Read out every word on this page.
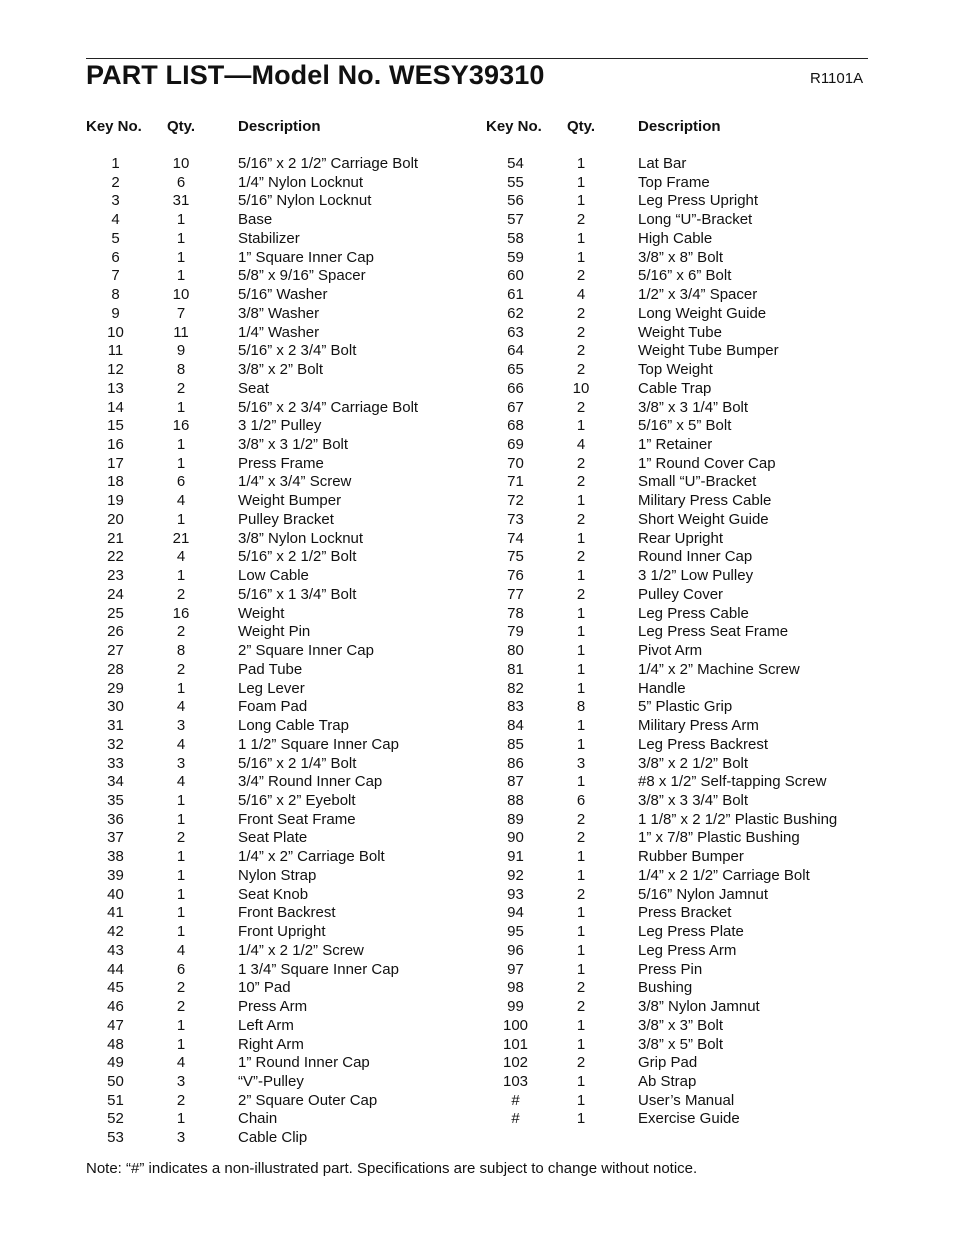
PART LIST—Model No. WESY39310	R1101A
Key No. Qty.	Description
1	10	5/16” x 2 1/2” Carriage Bolt
2	6	1/4” Nylon Locknut
3	31	5/16” Nylon Locknut
4	1	Base
5	1	Stabilizer
6	1	1” Square Inner Cap
7	1	5/8” x 9/16” Spacer
8	10	5/16” Washer
9	7	3/8” Washer
10	11	1/4” Washer
11	9	5/16” x 2 3/4” Bolt
12	8	3/8” x 2” Bolt
13	2	Seat
14	1	5/16” x 2 3/4” Carriage Bolt
15	16	3 1/2” Pulley
16	1	3/8” x 3 1/2” Bolt
17	1	Press Frame
18	6	1/4” x 3/4” Screw
19	4	Weight Bumper
20	1	Pulley Bracket
21	21	3/8” Nylon Locknut
22	4	5/16” x 2 1/2” Bolt
23	1	Low Cable
24	2	5/16” x 1 3/4” Bolt
25	16	Weight
26	2	Weight Pin
27	8	2” Square Inner Cap
28	2	Pad Tube
29	1	Leg Lever
30	4	Foam Pad
31	3	Long Cable Trap
32	4	1 1/2” Square Inner Cap
33	3	5/16” x 2 1/4” Bolt
34	4	3/4” Round Inner Cap
35	1	5/16” x 2” Eyebolt
36	1	Front Seat Frame
37	2	Seat Plate
38	1	1/4” x 2” Carriage Bolt
39	1	Nylon Strap
40	1	Seat Knob
41	1	Front Backrest
42	1	Front Upright
43	4	1/4” x 2 1/2” Screw
44	6	1 3/4” Square Inner Cap
45	2	10” Pad
46	2	Press Arm
47	1	Left Arm
48	1	Right Arm
49	4	1” Round Inner Cap
50	3	“V”-Pulley
51	2	2” Square Outer Cap
52	1	Chain
53	3	Cable Clip
Key No. Qty.	Description
54	1	Lat Bar
55	1	Top Frame
56	1	Leg Press Upright
57	2	Long “U”-Bracket
58	1	High Cable
59	1	3/8” x 8” Bolt
60	2	5/16” x 6” Bolt
61	4	1/2” x 3/4” Spacer
62	2	Long Weight Guide
63	2	Weight Tube
64	2	Weight Tube Bumper
65	2	Top Weight
66	10	Cable Trap
67	2	3/8” x 3 1/4” Bolt
68	1	5/16” x 5” Bolt
69	4	1” Retainer
70	2	1” Round Cover Cap
71	2	Small “U”-Bracket
72	1	Military Press Cable
73	2	Short Weight Guide
74	1	Rear Upright
75	2	Round Inner Cap
76	1	3 1/2” Low Pulley
77	2	Pulley Cover
78	1	Leg Press Cable
79	1	Leg Press Seat Frame
80	1	Pivot Arm
81	1	1/4” x 2” Machine Screw
82	1	Handle
83	8	5” Plastic Grip
84	1	Military Press Arm
85	1	Leg Press Backrest
86	3	3/8” x 2 1/2” Bolt
87	1	#8 x 1/2” Self-tapping Screw
88	6	3/8” x 3 3/4” Bolt
89	2	1 1/8” x 2 1/2” Plastic Bushing
90	2	1” x 7/8” Plastic Bushing
91	1	Rubber Bumper
92	1	1/4” x 2 1/2” Carriage Bolt
93	2	5/16” Nylon Jamnut
94	1	Press Bracket
95	1	Leg Press Plate
96	1	Leg Press Arm
97	1	Press Pin
98	2	Bushing
99	2	3/8” Nylon Jamnut
100	1	3/8” x 3” Bolt
101	1	3/8” x 5” Bolt
102	2	Grip Pad
103	1	Ab Strap
#	1	User’s Manual
#	1	Exercise Guide
Note: “#” indicates a non-illustrated part. Specifications are subject to change without notice.
